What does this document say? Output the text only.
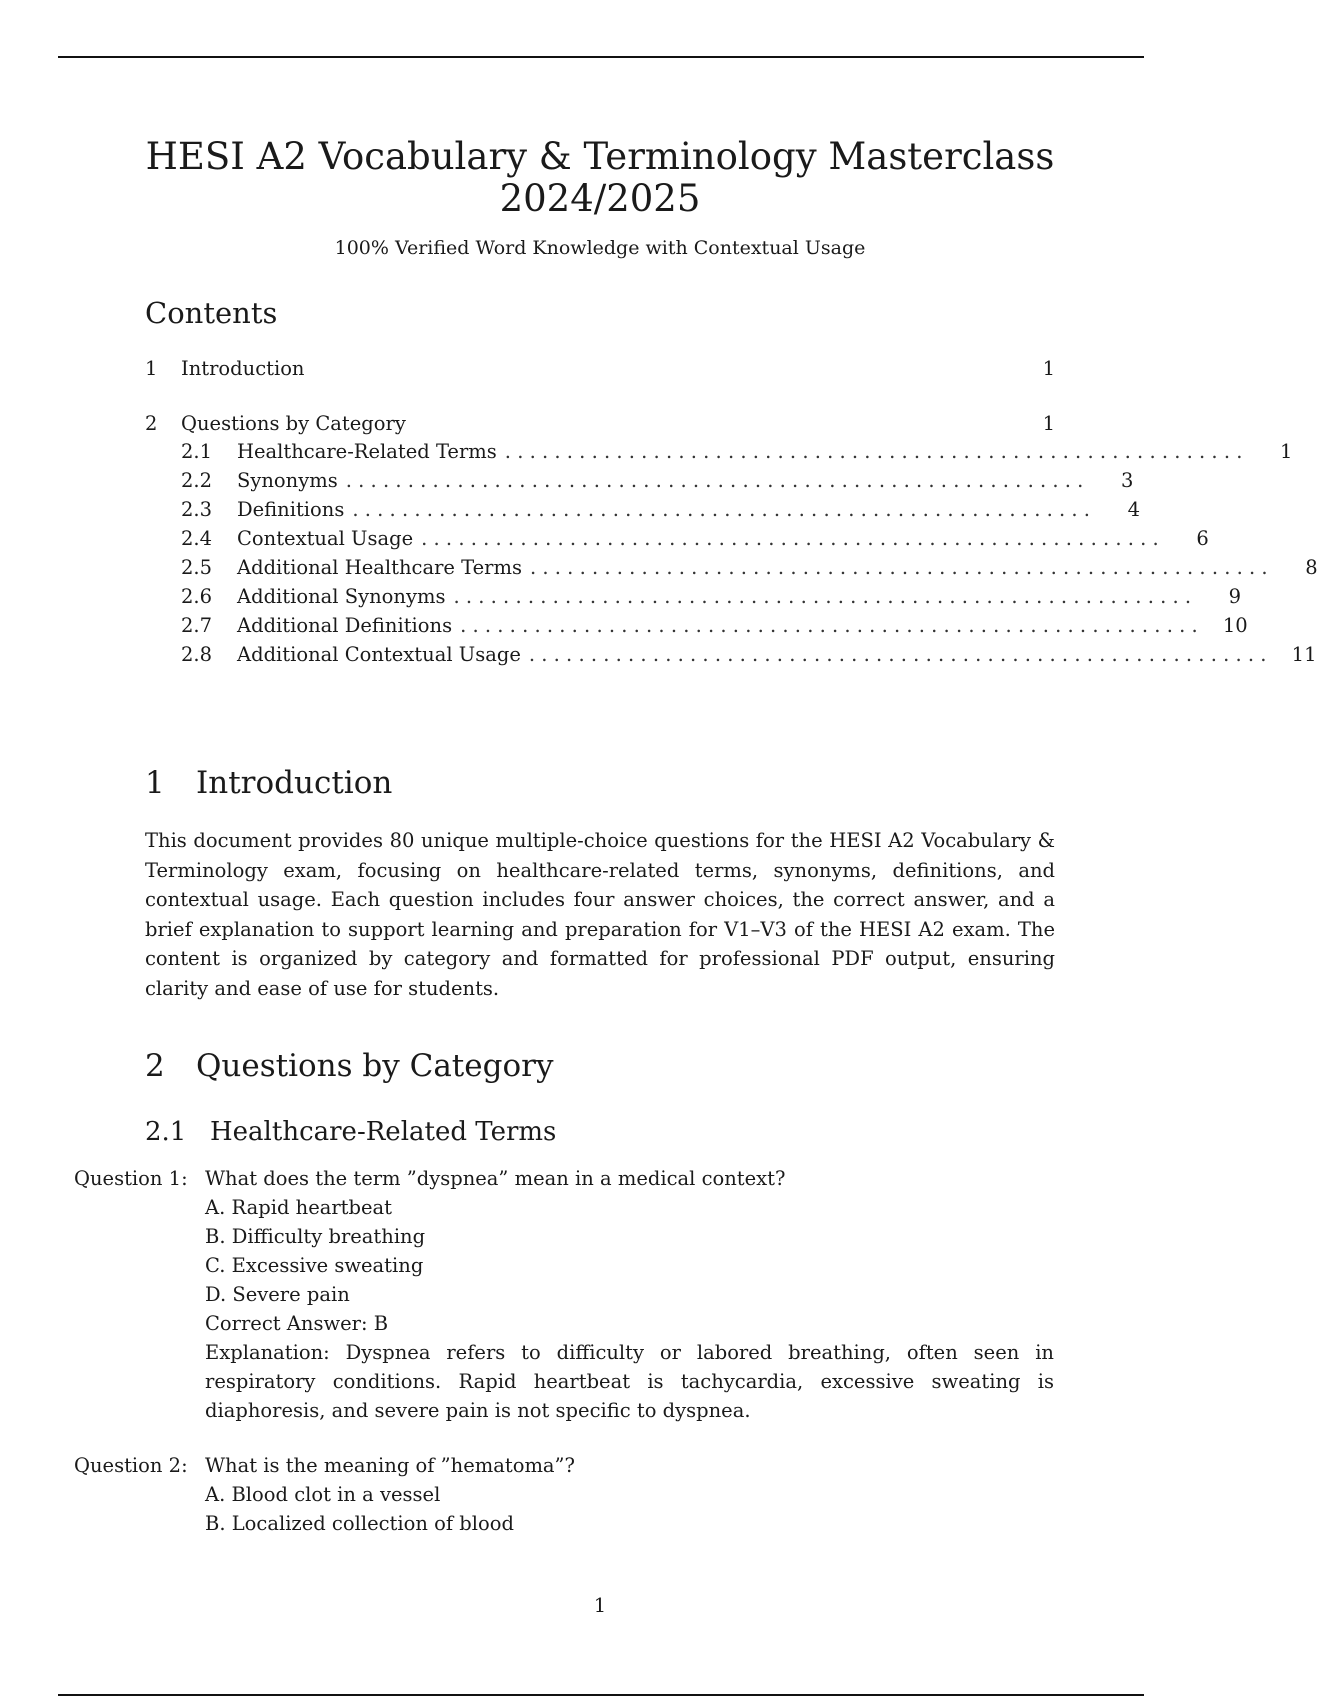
HESI A2 Vocabulary & Terminology Masterclass
2024/2025
100% Verified Word Knowledge with Contextual Usage
Contents
1	Introduction	1
2	Questions by Category	1
2.1	Healthcare-Related Terms . . . . . . . . . . . . . . . . . . . . . . . . . . . . . . . . . . . . . . . . . . . . . . . . . . . . . . . . . . . .	1
2.2	Synonyms . . . . . . . . . . . . . . . . . . . . . . . . . . . . . . . . . . . . . . . . . . . . . . . . . . . . . . . . . . . .	3
2.3	Definitions . . . . . . . . . . . . . . . . . . . . . . . . . . . . . . . . . . . . . . . . . . . . . . . . . . . . . . . . . . . .	4
2.4	Contextual Usage . . . . . . . . . . . . . . . . . . . . . . . . . . . . . . . . . . . . . . . . . . . . . . . . . . . . . . . . . . . .	6
2.5	Additional Healthcare Terms . . . . . . . . . . . . . . . . . . . . . . . . . . . . . . . . . . . . . . . . . . . . . . . . . . . . . . . . . . . .	8
2.6	Additional Synonyms . . . . . . . . . . . . . . . . . . . . . . . . . . . . . . . . . . . . . . . . . . . . . . . . . . . . . . . . . . . .	9
2.7	Additional Definitions . . . . . . . . . . . . . . . . . . . . . . . . . . . . . . . . . . . . . . . . . . . . . . . . . . . . . . . . . . . .	10
2.8	Additional Contextual Usage . . . . . . . . . . . . . . . . . . . . . . . . . . . . . . . . . . . . . . . . . . . . . . . . . . . . . . . . . . . .	11
1 Introduction

This document provides 80 unique multiple-choice questions for the HESI A2 Vocabulary & Terminology exam, focusing on healthcare-related terms, synonyms, definitions, and contextual usage. Each question includes four answer choices, the correct answer, and a brief explanation to support learning and preparation for V1–V3 of the HESI A2 exam. The content is organized by category and formatted for professional PDF output, ensuring clarity and ease of use for students.

2 Questions by Category
2.1 Healthcare-Related Terms
Question 1: What does the term ”dyspnea” mean in a medical context?
A. Rapid heartbeat
B. Difficulty breathing
C. Excessive sweating
D. Severe pain
Correct Answer: B
Explanation: Dyspnea refers to difficulty or labored breathing, often seen in respiratory conditions. Rapid heartbeat is tachycardia, excessive sweating is diaphoresis, and severe pain is not specific to dyspnea.
Question 2: What is the meaning of ”hematoma”?
A. Blood clot in a vessel
B. Localized collection of blood
1
